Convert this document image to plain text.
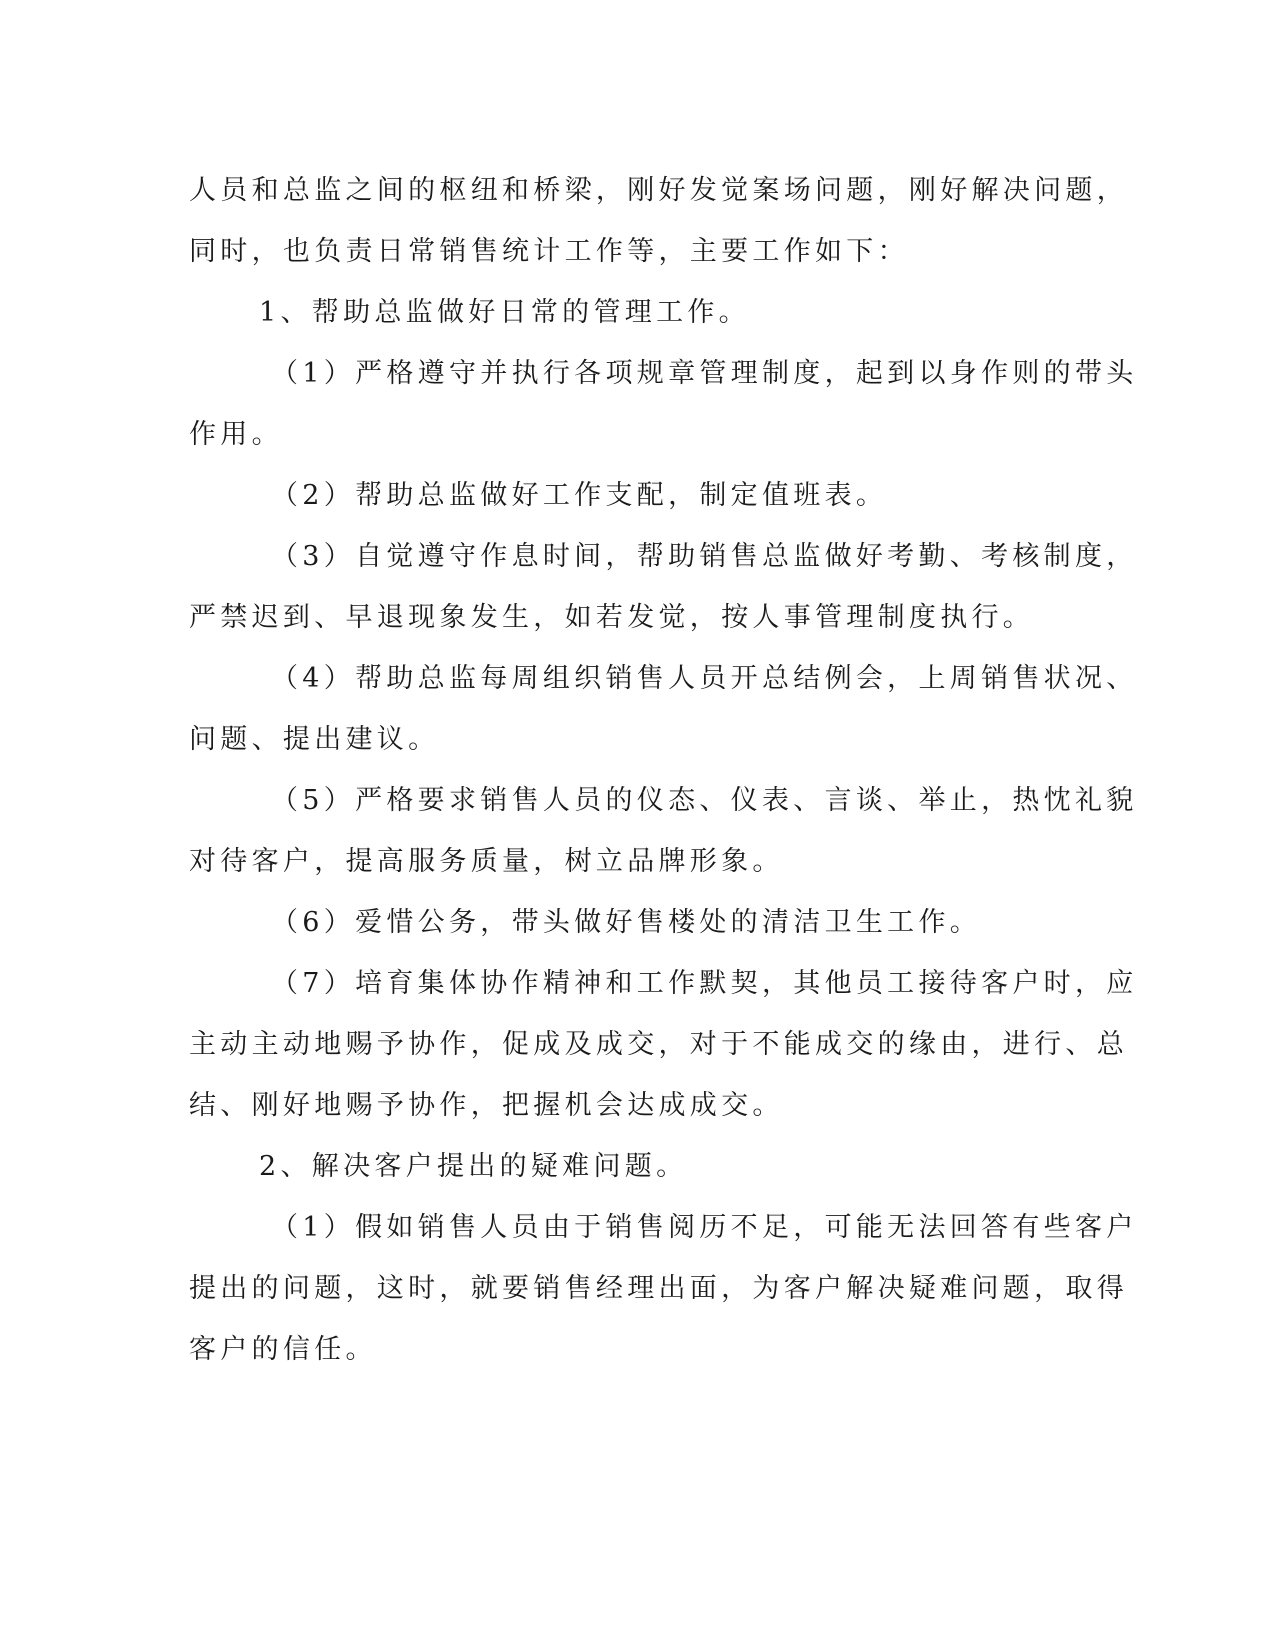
人员和总监之间的枢纽和桥梁，刚好发觉案场问题，刚好解决问题，
同时，也负责日常销售统计工作等，主要工作如下：
1、帮助总监做好日常的管理工作。
（1）严格遵守并执行各项规章管理制度，起到以身作则的带头
作用。
（2）帮助总监做好工作支配，制定值班表。
（3）自觉遵守作息时间，帮助销售总监做好考勤、考核制度，
严禁迟到、早退现象发生，如若发觉，按人事管理制度执行。
（4）帮助总监每周组织销售人员开总结例会，上周销售状况、
问题、提出建议。
（5）严格要求销售人员的仪态、仪表、言谈、举止，热忱礼貌
对待客户，提高服务质量，树立品牌形象。
（6）爱惜公务，带头做好售楼处的清洁卫生工作。
（7）培育集体协作精神和工作默契，其他员工接待客户时，应
主动主动地赐予协作，促成及成交，对于不能成交的缘由，进行、总
结、刚好地赐予协作，把握机会达成成交。
2、解决客户提出的疑难问题。
（1）假如销售人员由于销售阅历不足，可能无法回答有些客户
提出的问题，这时，就要销售经理出面，为客户解决疑难问题，取得
客户的信任。
